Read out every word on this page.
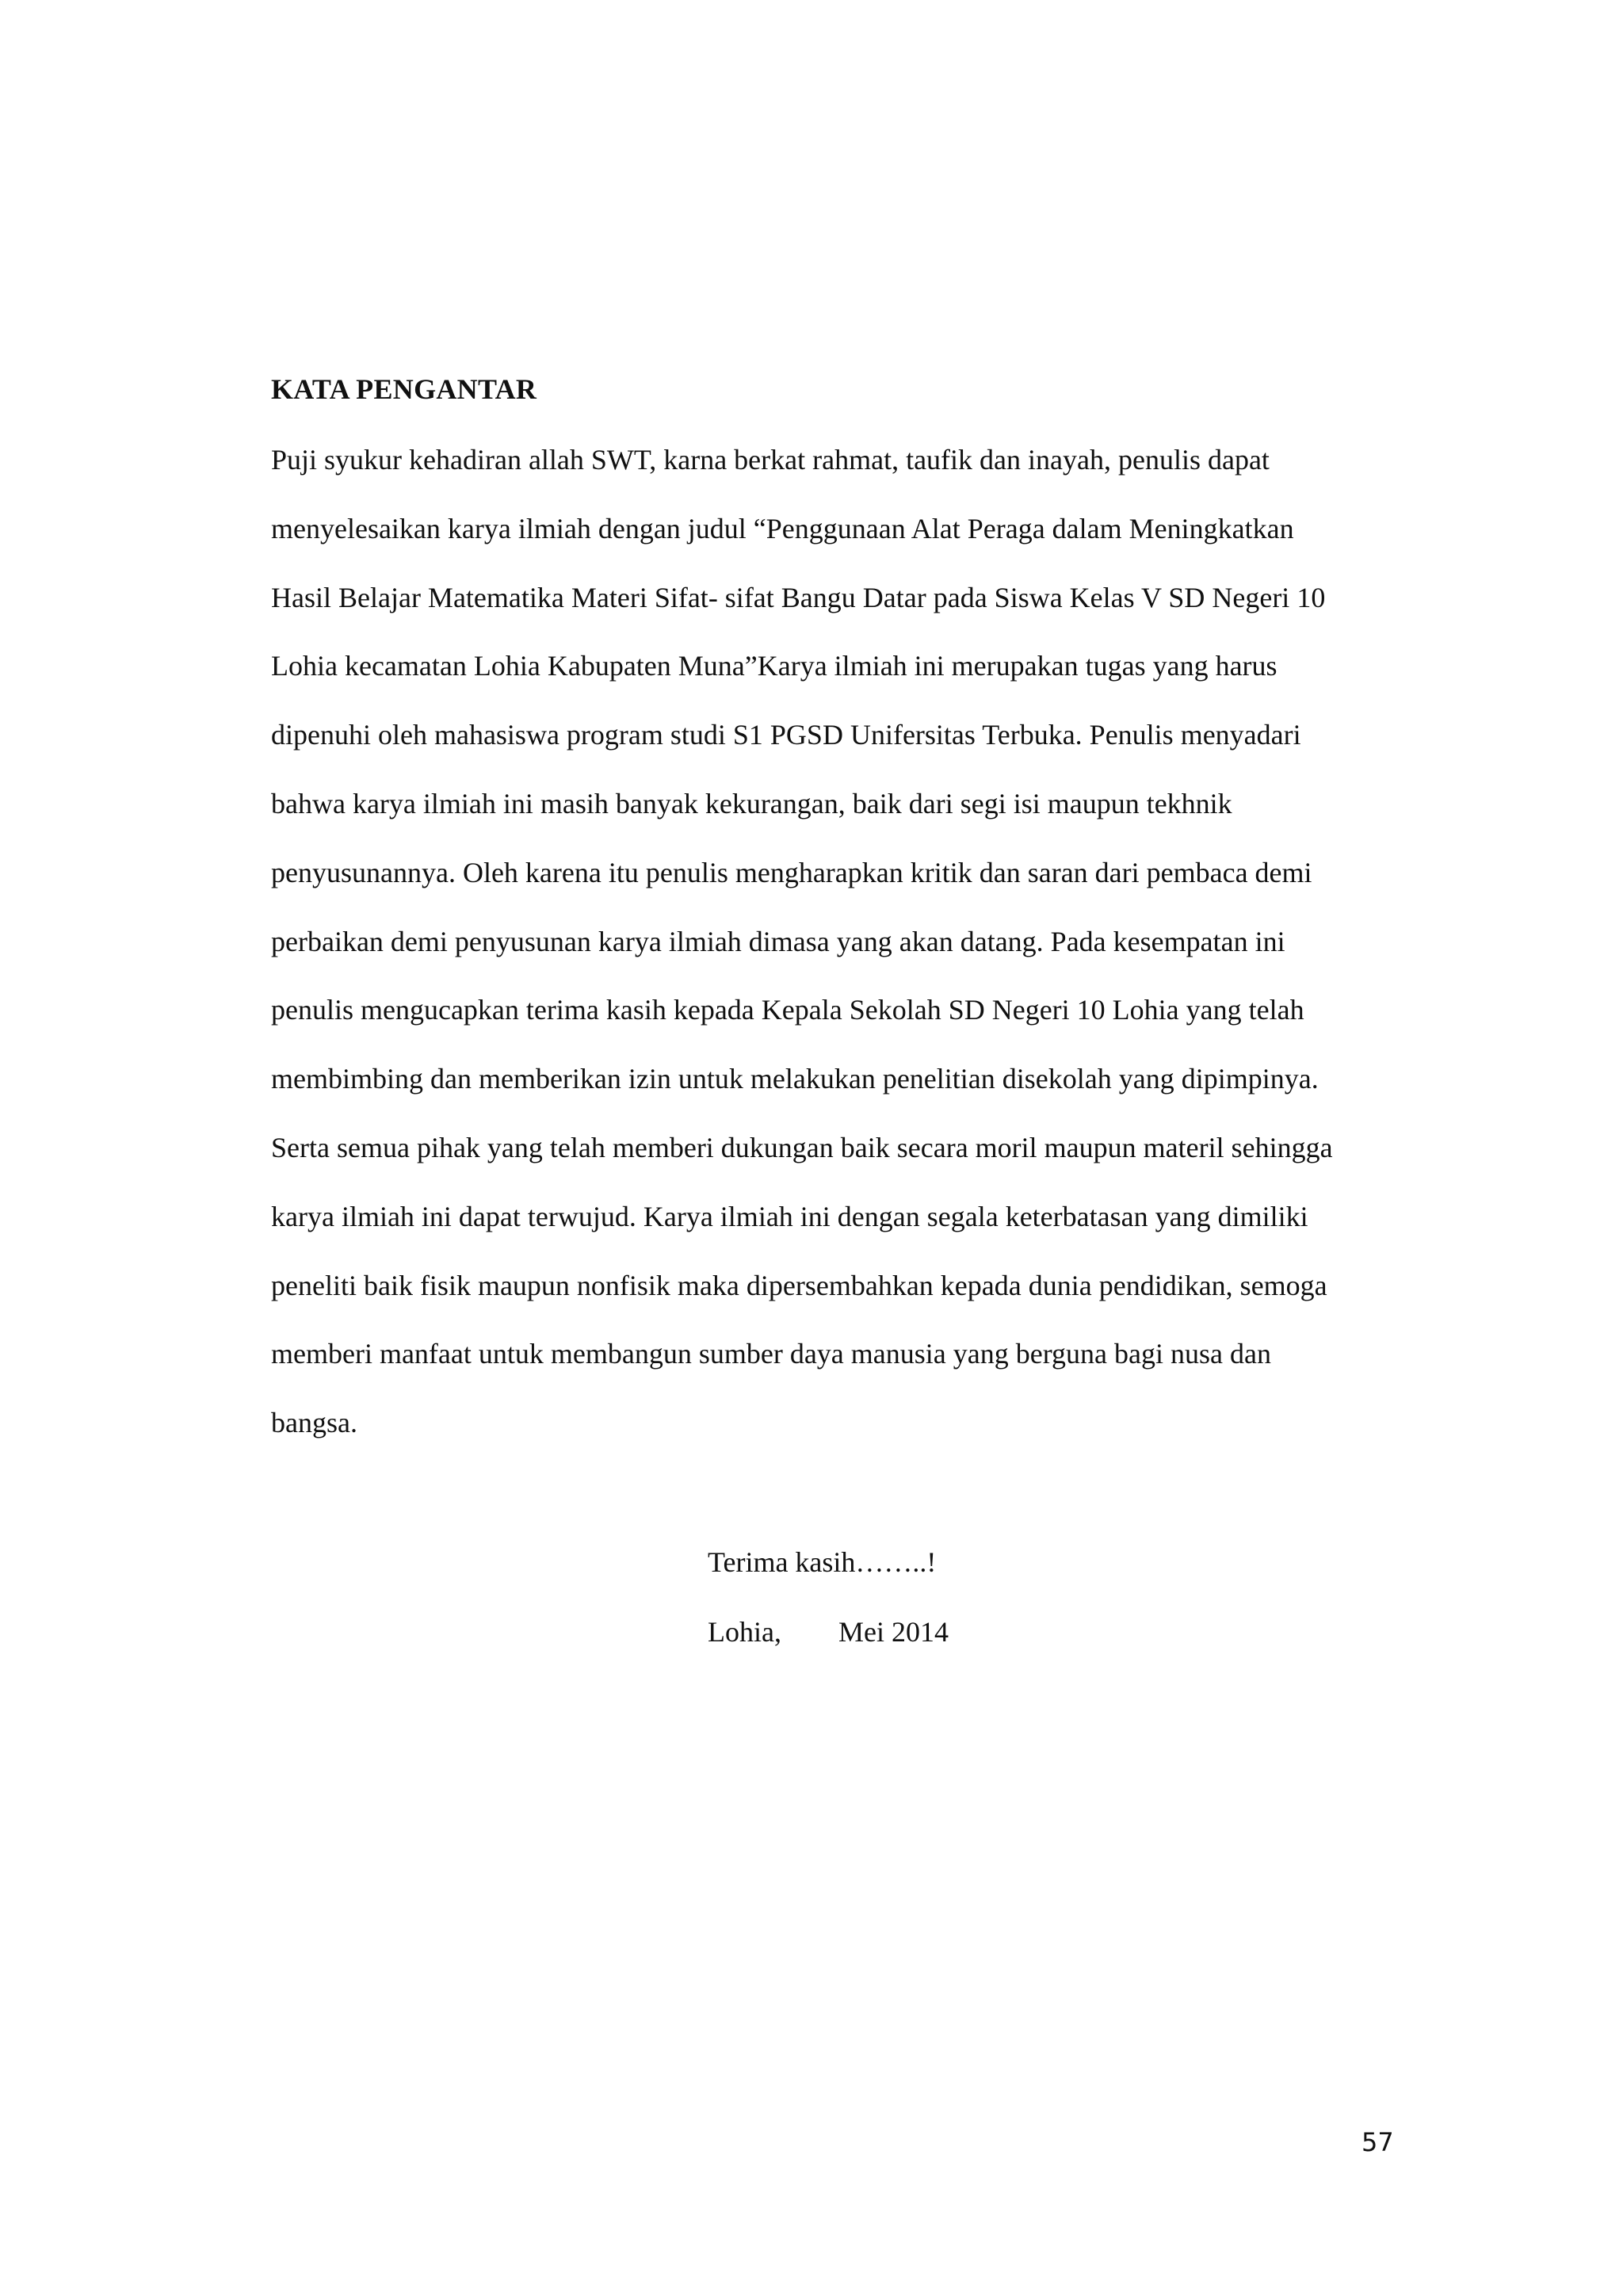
KATA PENGANTAR
Puji syukur kehadiran allah SWT, karna berkat rahmat, taufik dan inayah, penulis dapat
menyelesaikan karya ilmiah dengan judul “Penggunaan Alat Peraga dalam Meningkatkan
Hasil Belajar Matematika Materi Sifat- sifat Bangu Datar pada Siswa Kelas V SD Negeri 10
Lohia kecamatan Lohia Kabupaten Muna”Karya ilmiah ini merupakan tugas yang harus
dipenuhi oleh mahasiswa program studi S1 PGSD Unifersitas Terbuka. Penulis menyadari
bahwa karya ilmiah ini masih banyak kekurangan, baik dari segi isi maupun tekhnik
penyusunannya. Oleh karena itu penulis mengharapkan kritik dan saran dari pembaca demi
perbaikan demi penyusunan karya ilmiah dimasa yang akan datang. Pada kesempatan ini
penulis mengucapkan terima kasih kepada Kepala Sekolah SD Negeri 10 Lohia yang telah
membimbing dan memberikan izin untuk melakukan penelitian disekolah yang dipimpinya.
Serta semua pihak yang telah memberi dukungan baik secara moril maupun materil sehingga
karya ilmiah ini dapat terwujud. Karya ilmiah ini dengan segala keterbatasan yang dimiliki
peneliti baik fisik maupun nonfisik maka dipersembahkan kepada dunia pendidikan, semoga
memberi manfaat untuk membangun sumber daya manusia yang berguna bagi nusa dan
bangsa.

Terima kasih……..!

Lohia,        Mei 2014

57
